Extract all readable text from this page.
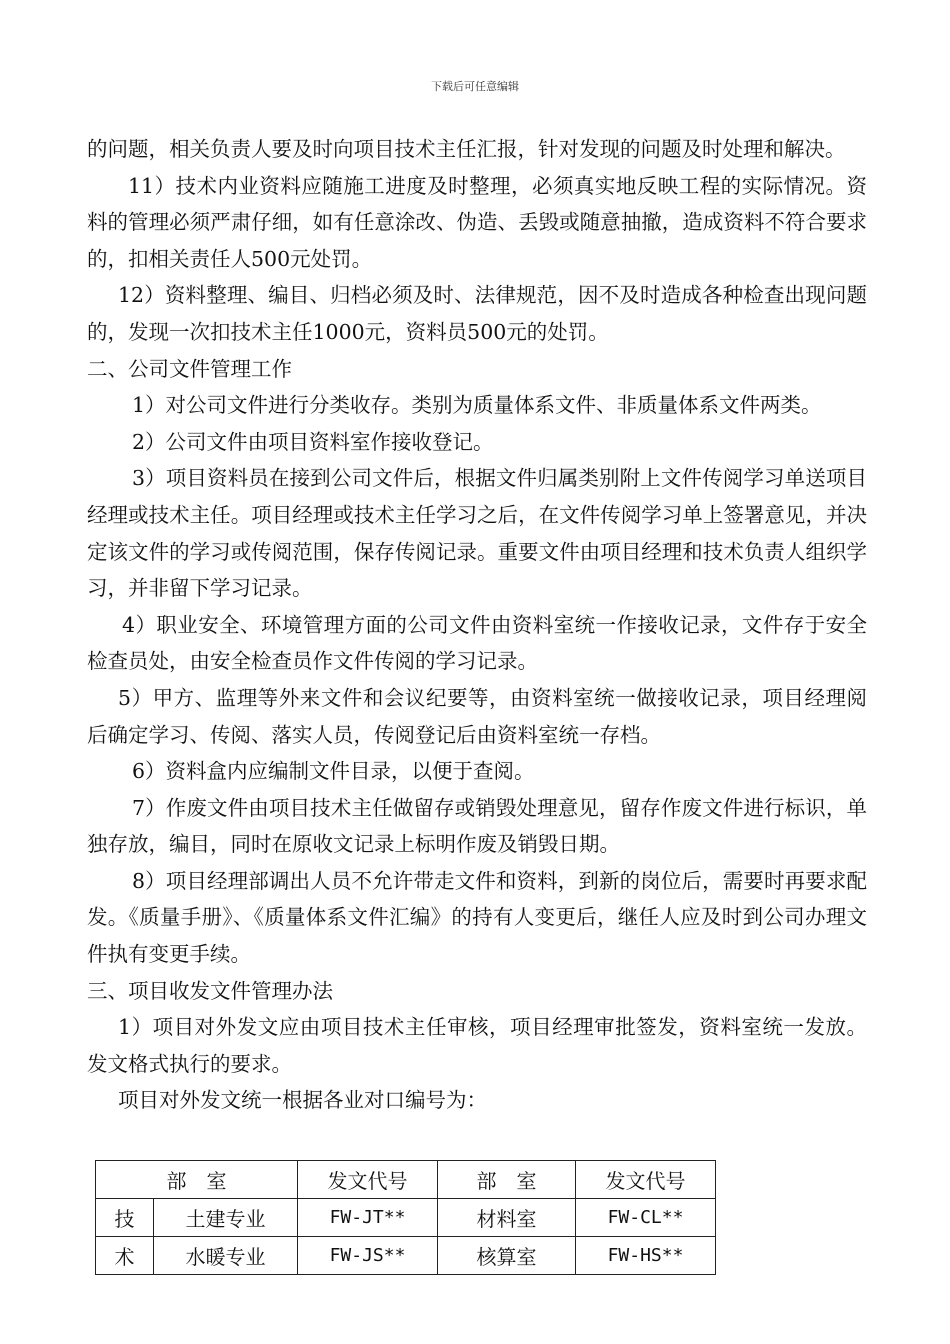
下载后可任意编辑

的问题，相关负责人要及时向项目技术主任汇报，针对发现的问题及时处理和解决。

11）技术内业资料应随施工进度及时整理，必须真实地反映工程的实际情况。资料的管理必须严肃仔细，如有任意涂改、伪造、丢毁或随意抽撤，造成资料不符合要求的，扣相关责任人500元处罚。

12）资料整理、编目、归档必须及时、法律规范，因不及时造成各种检查出现问题的，发现一次扣技术主任1000元，资料员500元的处罚。

二、公司文件管理工作

1）对公司文件进行分类收存。类别为质量体系文件、非质量体系文件两类。

2）公司文件由项目资料室作接收登记。

3）项目资料员在接到公司文件后，根据文件归属类别附上文件传阅学习单送项目经理或技术主任。项目经理或技术主任学习之后，在文件传阅学习单上签署意见，并决定该文件的学习或传阅范围，保存传阅记录。重要文件由项目经理和技术负责人组织学习，并非留下学习记录。

4）职业安全、环境管理方面的公司文件由资料室统一作接收记录，文件存于安全检查员处，由安全检查员作文件传阅的学习记录。

5）甲方、监理等外来文件和会议纪要等，由资料室统一做接收记录，项目经理阅后确定学习、传阅、落实人员，传阅登记后由资料室统一存档。

6）资料盒内应编制文件目录，以便于查阅。

7）作废文件由项目技术主任做留存或销毁处理意见，留存作废文件进行标识，单独存放，编目，同时在原收文记录上标明作废及销毁日期。

8）项目经理部调出人员不允许带走文件和资料，到新的岗位后，需要时再要求配发。《质量手册》、《质量体系文件汇编》的持有人变更后，继任人应及时到公司办理文件执有变更手续。

三、项目收发文件管理办法

1）项目对外发文应由项目技术主任审核，项目经理审批签发，资料室统一发放。发文格式执行的要求。

项目对外发文统一根据各业对口编号为：

部　室		发文代号	部　室	发文代号
技	土建专业	FW-JT**	材料室	FW-CL**
术	水暖专业	FW-JS**	核算室	FW-HS**
